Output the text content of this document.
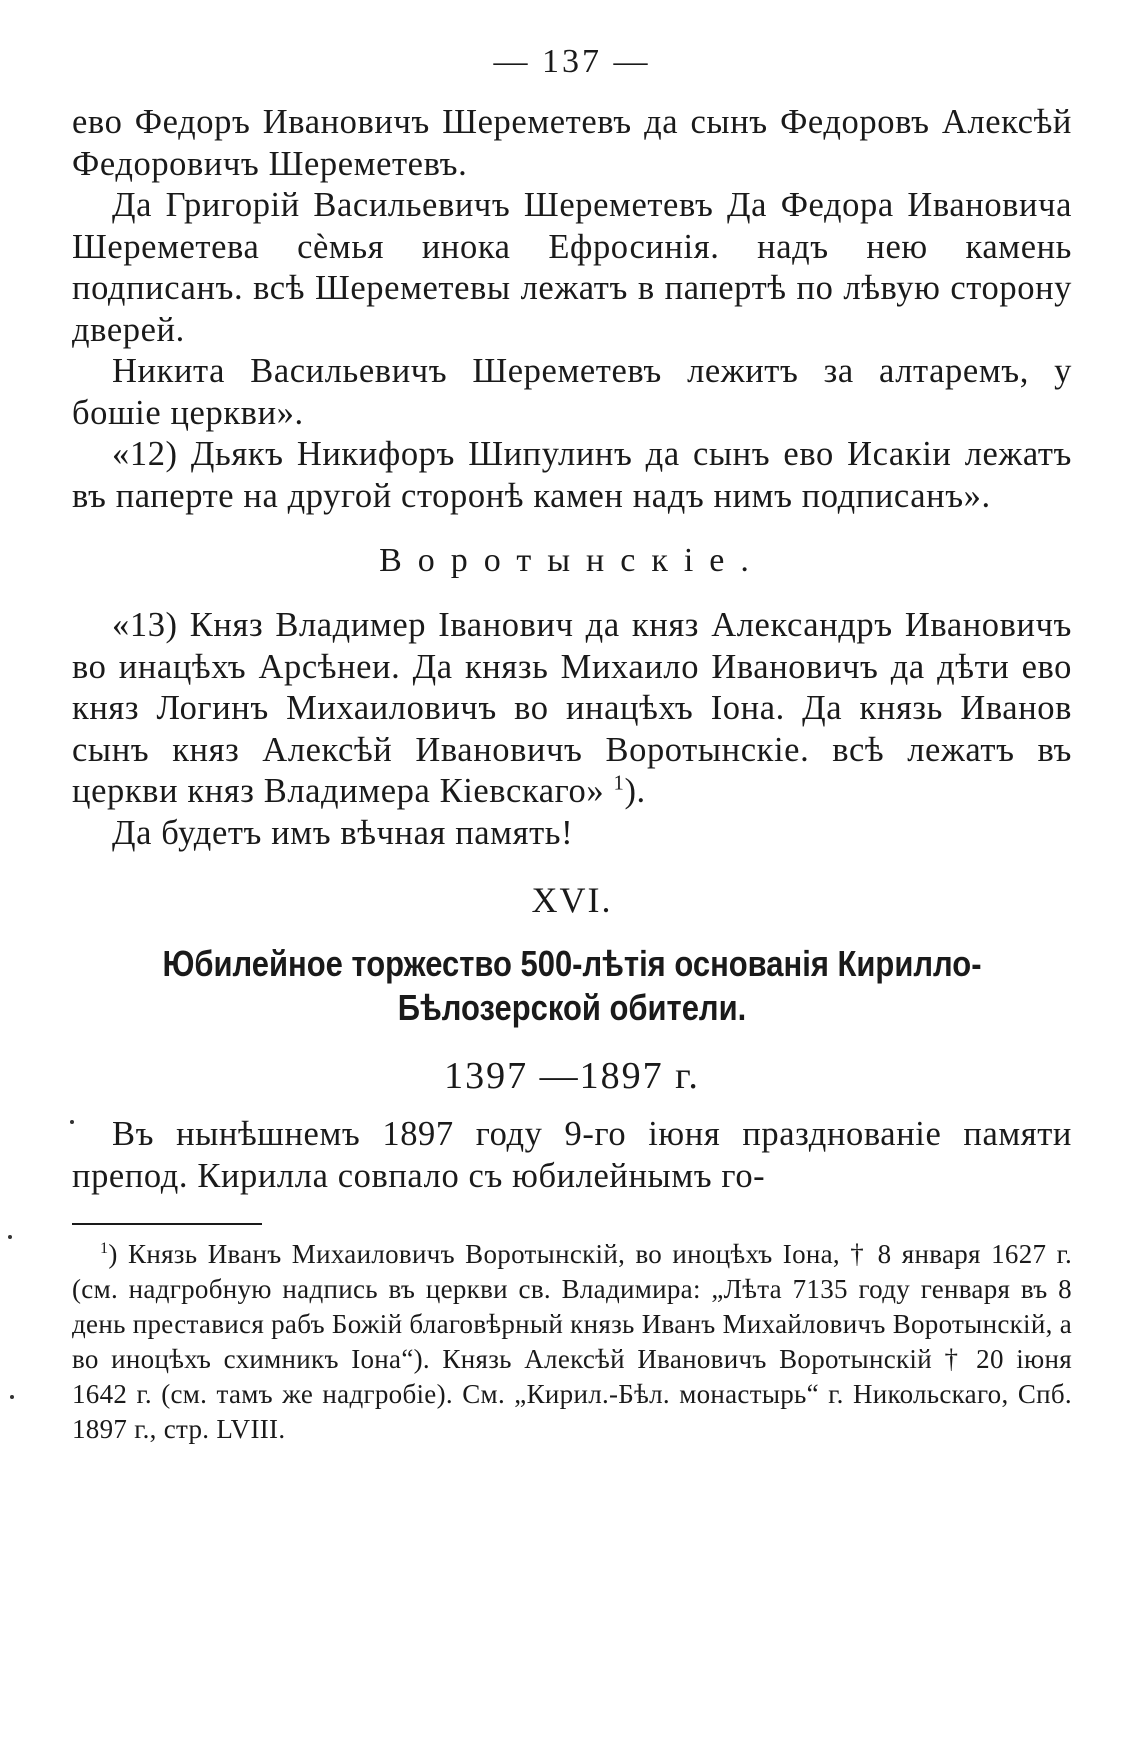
— 137 —

ево Федоръ Ивановичъ Шереметевъ да сынъ Федоровъ Алексѣй Федоровичъ Шереметевъ.

Да Григорій Васильевичъ Шереметевъ Да Федора Ивановича Шереметева сѐмья инока Ефросинія. надъ нею камень подписанъ. всѣ Шереметевы лежатъ в папертѣ по лѣвую сторону дверей.

Никита Васильевичъ Шереметевъ лежитъ за алтаремъ, у бошіе церкви».

«12) Дьякъ Никифоръ Шипулинъ да сынъ ево Исакіи лежатъ въ паперте на другой сторонѣ камен надъ нимъ подписанъ».

Воротынскіе.

«13) Княз Владимер Іванович да княз Александръ Ивановичъ во инацѣхъ Арсѣнеи. Да князь Михаило Ивановичъ да дѣти ево княз Логинъ Михаиловичъ во инацѣхъ Іона. Да князь Иванов сынъ княз Алексѣй Ивановичъ Воротынскіе. всѣ лежатъ въ церкви княз Владимера Кіевскаго» $^1$).

Да будетъ имъ вѣчная память!

XVI.
Юбилейное торжество 500-лѣтія основанія Кирилло-Бѣлозерской обители.
1397 —1897 г.

Въ нынѣшнемъ 1897 году 9-го іюня празднованіе памяти препод. Кирилла совпало съ юбилейнымъ го-

$^1$) Князь Иванъ Михаиловичъ Воротынскій, во иноцѣхъ Іона, † 8 января 1627 г. (см. надгробную надпись въ церкви св. Владимира: „Лѣта 7135 году генваря въ 8 день преставися рабъ Божій благовѣрный князь Иванъ Михайловичъ Воротынскій, а во иноцѣхъ схимникъ Іона“). Князь Алексѣй Ивановичъ Воротынскій † 20 іюня 1642 г. (см. тамъ же надгробіе). См. „Кирил.-Бѣл. монастырь“ г. Никольскаго, Спб. 1897 г., стр. LVIII.
